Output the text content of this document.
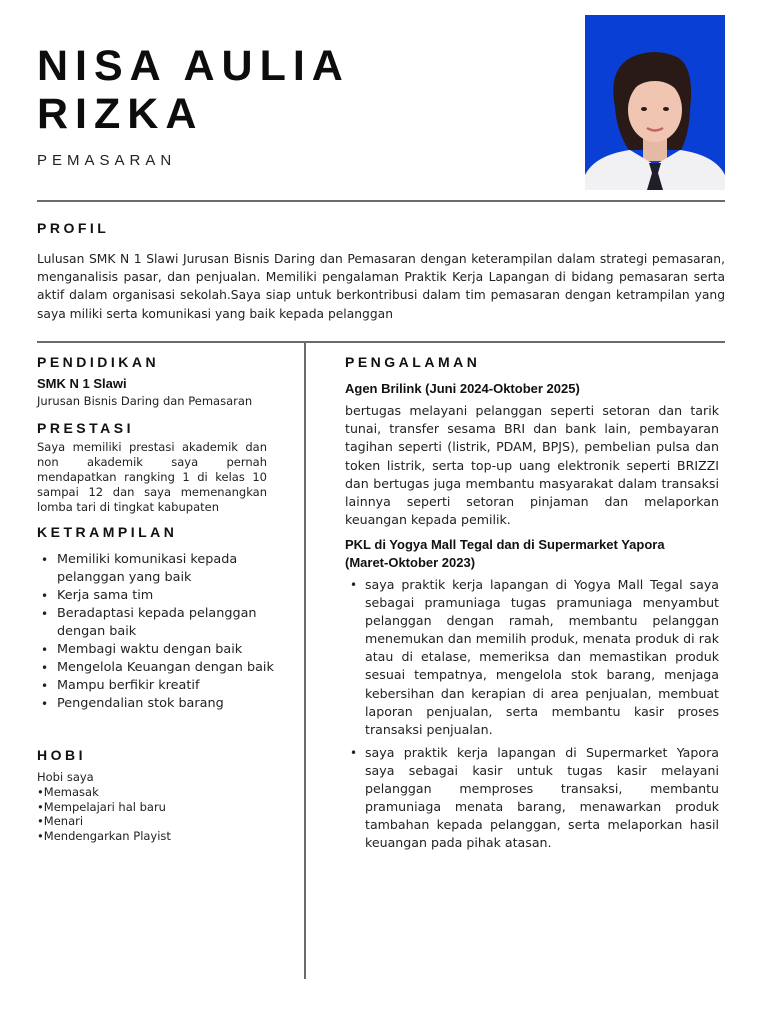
NISA AULIA
RIZKA
PEMASARAN
PROFIL
Lulusan SMK N 1 Slawi Jurusan Bisnis Daring dan Pemasaran dengan keterampilan dalam strategi pemasaran, menganalisis pasar, dan penjualan. Memiliki pengalaman Praktik Kerja Lapangan di bidang pemasaran serta aktif dalam organisasi sekolah.Saya siap untuk berkontribusi dalam tim pemasaran dengan ketrampilan yang saya miliki serta komunikasi yang baik kepada pelanggan
PENDIDIKAN
SMK N 1 Slawi
Jurusan Bisnis Daring dan Pemasaran
PRESTASI
Saya memiliki prestasi akademik dan non akademik saya pernah mendapatkan rangking 1 di kelas 10 sampai 12 dan saya memenangkan lomba tari di tingkat kabupaten
KETRAMPILAN
• Memiliki komunikasi kepada pelanggan yang baik
• Kerja sama tim
• Beradaptasi kepada pelanggan dengan baik
• Membagi waktu dengan baik
• Mengelola Keuangan dengan baik
• Mampu berfikir kreatif
• Pengendalian stok barang
HOBI
Hobi saya
•Memasak
•Mempelajari hal baru
•Menari
•Mendengarkan Playist
PENGALAMAN
Agen Brilink (Juni 2024-Oktober 2025)
bertugas melayani pelanggan seperti setoran dan tarik tunai, transfer sesama BRI dan bank lain, pembayaran tagihan seperti (listrik, PDAM, BPJS), pembelian pulsa dan token listrik, serta top-up uang elektronik seperti BRIZZI dan bertugas juga membantu masyarakat dalam transaksi lainnya seperti setoran pinjaman dan melaporkan keuangan kepada pemilik.
PKL di Yogya Mall Tegal dan di Supermarket Yapora
(Maret-Oktober 2023)
• saya praktik kerja lapangan di Yogya Mall Tegal saya sebagai pramuniaga tugas pramuniaga menyambut pelanggan dengan ramah, membantu pelanggan menemukan dan memilih produk, menata produk di rak atau di etalase, memeriksa dan memastikan produk sesuai tempatnya, mengelola stok barang, menjaga kebersihan dan kerapian di area penjualan, membuat laporan penjualan, serta membantu kasir proses transaksi penjualan.
• saya praktik kerja lapangan di Supermarket Yapora saya sebagai kasir untuk tugas kasir melayani pelanggan memproses transaksi, membantu pramuniaga menata barang, menawarkan produk tambahan kepada pelanggan, serta melaporkan hasil keuangan pada pihak atasan.
